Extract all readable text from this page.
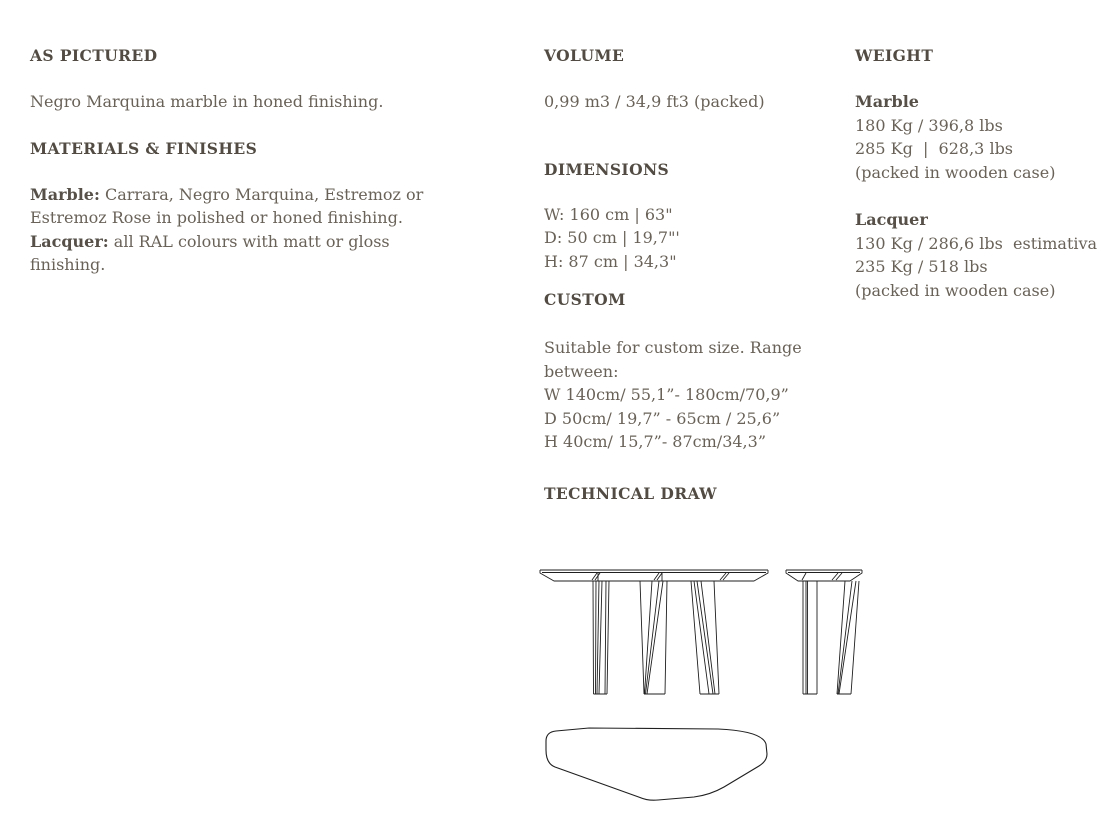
AS PICTURED

Negro Marquina marble in honed finishing.

MATERIALS & FINISHES

Marble: Carrara, Negro Marquina, Estremoz or Estremoz Rose in polished or honed finishing.
Lacquer: all RAL colours with matt or gloss finishing.

VOLUME

0,99 m3 / 34,9 ft3 (packed)

DIMENSIONS
W: 160 cm | 63"
D: 50 cm | 19,7"'
H: 87 cm | 34,3"
CUSTOM
Suitable for custom size. Range between:
W 140cm/ 55,1”- 180cm/70,9”
D 50cm/ 19,7” - 65cm / 25,6”
H 40cm/ 15,7”- 87cm/34,3”
TECHNICAL DRAW
WEIGHT
Marble
180 Kg / 396,8 lbs
285 Kg  |  628,3 lbs
(packed in wooden case)
Lacquer
130 Kg / 286,6 lbs  estimativa
235 Kg / 518 lbs
(packed in wooden case)
